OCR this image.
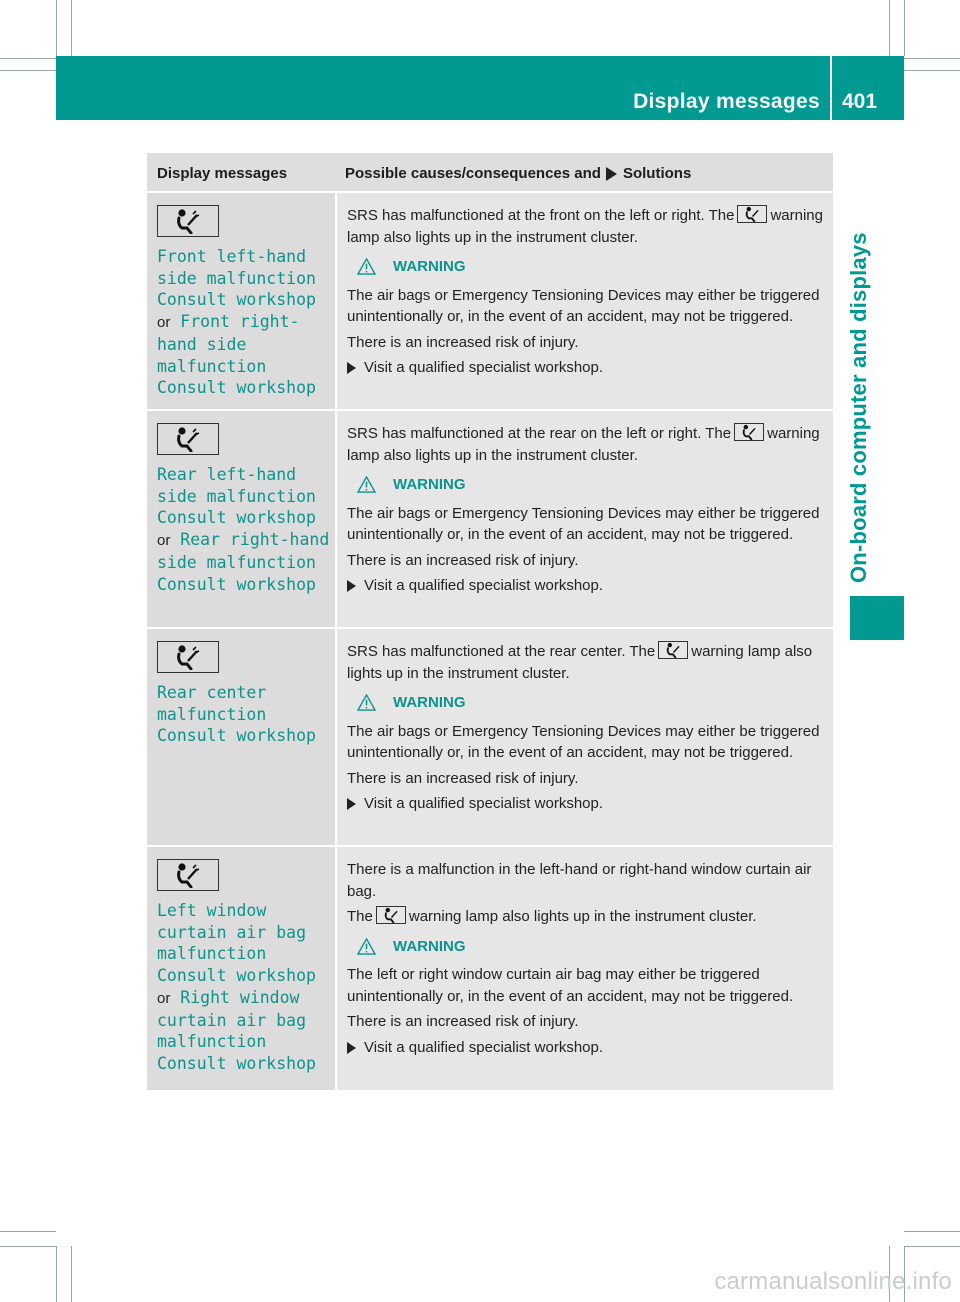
Display messages 401
On-board computer and displays
Display messages	Possible causes/consequences and Solutions
Front left-hand
side malfunction
Consult workshop
or Front right-
hand side
malfunction
Consult workshop
SRS has malfunctioned at the front on the left or right. The warning lamp also lights up in the instrument cluster.
WARNING
The air bags or Emergency Tensioning Devices may either be triggered unintentionally or, in the event of an accident, may not be triggered.
There is an increased risk of injury.
Visit a qualified specialist workshop.
Rear left-hand
side malfunction
Consult workshop
or Rear right-hand
side malfunction
Consult workshop
SRS has malfunctioned at the rear on the left or right. The warning lamp also lights up in the instrument cluster.
WARNING
The air bags or Emergency Tensioning Devices may either be triggered unintentionally or, in the event of an accident, may not be triggered.
There is an increased risk of injury.
Visit a qualified specialist workshop.
Rear center
malfunction
Consult workshop
SRS has malfunctioned at the rear center. The warning lamp also lights up in the instrument cluster.
WARNING
The air bags or Emergency Tensioning Devices may either be triggered unintentionally or, in the event of an accident, may not be triggered.
There is an increased risk of injury.
Visit a qualified specialist workshop.
Left window
curtain air bag
malfunction
Consult workshop
or Right window
curtain air bag
malfunction
Consult workshop
There is a malfunction in the left-hand or right-hand window curtain air bag.
The warning lamp also lights up in the instrument cluster.
WARNING
The left or right window curtain air bag may either be triggered unintentionally or, in the event of an accident, may not be triggered.
There is an increased risk of injury.
Visit a qualified specialist workshop.
carmanualsonline.info
